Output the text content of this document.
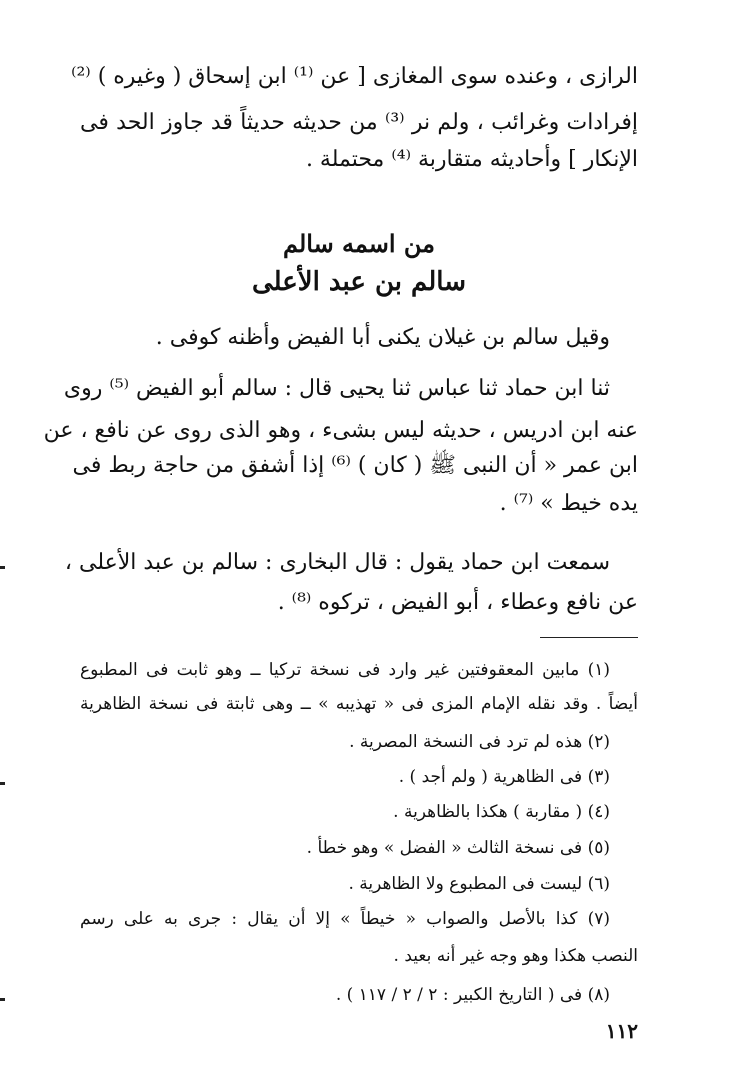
الرازى ، وعنده سوى المغازى [ عن ⁽¹⁾ ابن إسحاق ( وغيره ) ⁽²⁾
إفرادات وغرائب ، ولم نر ⁽³⁾ من حديثه حديثاً قد جاوز الحد فى
الإنكار ] وأحاديثه متقاربة ⁽⁴⁾ محتملة .
من اسمه سالم
سالم بن عبد الأعلى
وقيل سالم بن غيلان يكنى أبا الفيض وأظنه كوفى .
ثنا ابن حماد ثنا عباس ثنا يحيى قال : سالم أبو الفيض ⁽⁵⁾ روى
عنه ابن ادريس ، حديثه ليس بشىء ، وهو الذى روى عن نافع ، عن
ابن عمر « أن النبى ﷺ ( كان ) ⁽⁶⁾ إذا أشفق من حاجة ربط فى
يده خيط » ⁽⁷⁾ .
سمعت ابن حماد يقول : قال البخارى : سالم بن عبد الأعلى ،
عن نافع وعطاء ، أبو الفيض ، تركوه ⁽⁸⁾ .
(١) مابين المعقوفتين غير وارد فى نسخة تركيا ــ وهو ثابت فى المطبوع
أيضاً . وقد نقله الإمام المزى فى « تهذيبه » ــ وهى ثابتة فى نسخة الظاهرية
(٢) هذه لم ترد فى النسخة المصرية .
(٣) فى الظاهرية ( ولم أجد ) .
(٤) ( مقاربة ) هكذا بالظاهرية .
(٥) فى نسخة الثالث « الفضل » وهو خطأ .
(٦) ليست فى المطبوع ولا الظاهرية .
(٧) كذا بالأصل والصواب « خيطاً » إلا أن يقال : جرى به على رسم
النصب هكذا وهو وجه غير أنه بعيد .
(٨) فى ( التاريخ الكبير : ٢ / ٢ / ١١٧ ) .
١١٢
